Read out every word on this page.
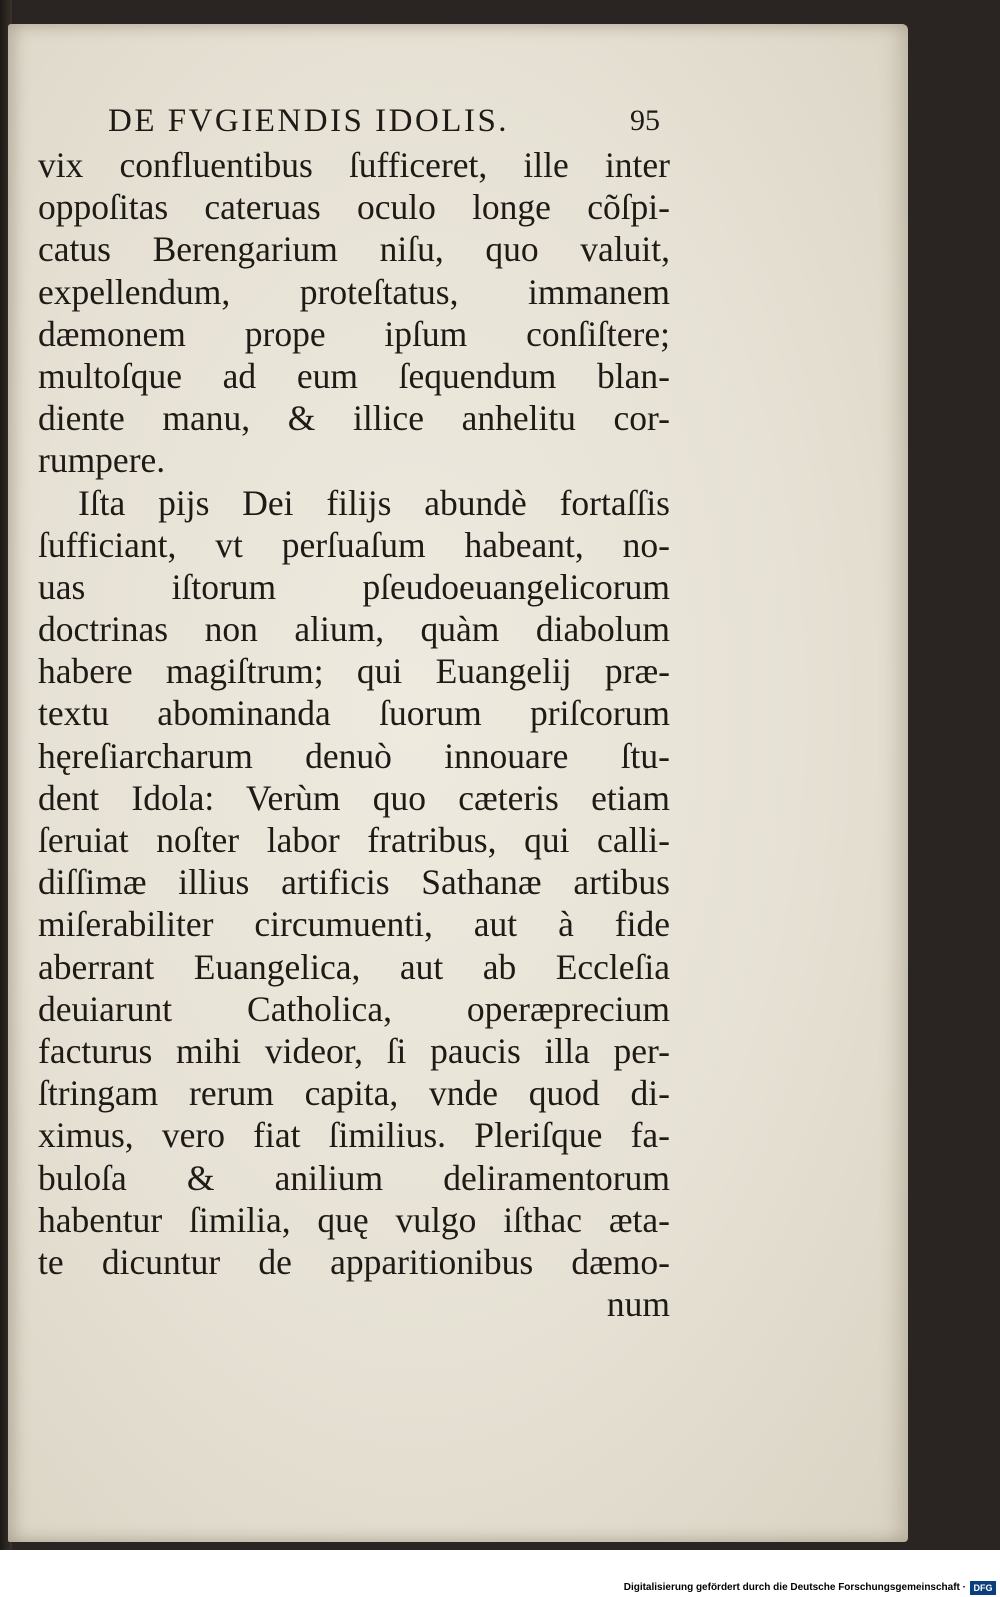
DE FVGIENDIS IDOLIS.	95
vix confluentibus ſufficeret, ille inter
oppoſitas cateruas oculo longe cõſpi-
catus Berengarium niſu, quo valuit,
expellendum, proteſtatus, immanem
dæmonem prope ipſum conſiſtere;
multoſque ad eum ſequendum blan-
diente manu, & illice anhelitu cor-
rumpere.
Iſta pijs Dei filijs abundè fortaſſis
ſufficiant, vt perſuaſum habeant, no-
uas iſtorum pſeudoeuangelicorum
doctrinas non alium, quàm diabolum
habere magiſtrum; qui Euangelij præ-
textu abominanda ſuorum priſcorum
hęreſiarcharum denuò innouare ſtu-
dent Idola: Verùm quo cæteris etiam
ſeruiat noſter labor fratribus, qui calli-
diſſimæ illius artificis Sathanæ artibus
miſerabiliter circumuenti, aut à fide
aberrant Euangelica, aut ab Eccleſia
deuiarunt Catholica, operæprecium
facturus mihi videor, ſi paucis illa per-
ſtringam rerum capita, vnde quod di-
ximus, vero fiat ſimilius. Pleriſque fa-
buloſa & anilium deliramentorum
habentur ſimilia, quę vulgo iſthac æta-
te dicuntur de apparitionibus dæmo-
num
Digitalisierung gefördert durch die Deutsche Forschungsgemeinschaft · DFG
